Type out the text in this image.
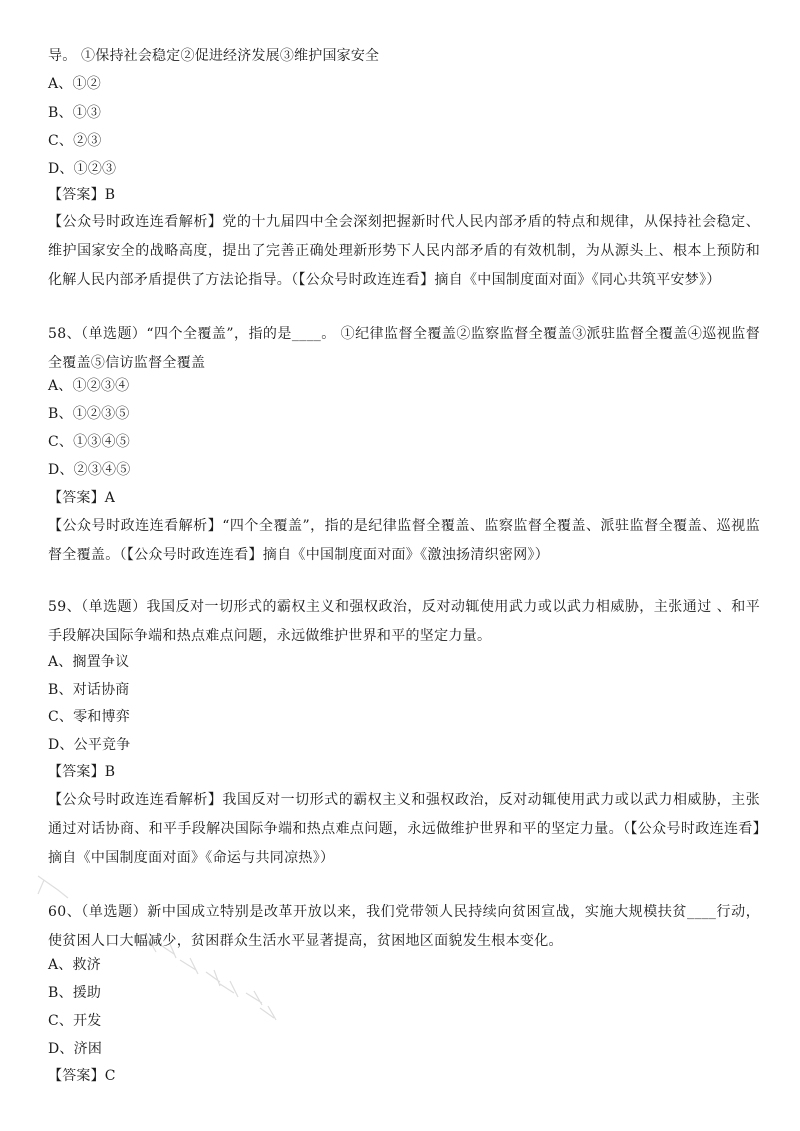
导。 ①保持社会稳定②促进经济发展③维护国家安全
A、①②
B、①③
C、②③
D、①②③
【答案】B
【公众号时政连连看解析】党的十九届四中全会深刻把握新时代人民内部矛盾的特点和规律，从保持社会稳定、维护国家安全的战略高度，提出了完善正确处理新形势下人民内部矛盾的有效机制，为从源头上、根本上预防和化解人民内部矛盾提供了方法论指导。（【公众号时政连连看】摘自《中国制度面对面》《同心共筑平安梦》）
58、（单选题）“四个全覆盖”，指的是____。 ①纪律监督全覆盖②监察监督全覆盖③派驻监督全覆盖④巡视监督全覆盖⑤信访监督全覆盖
A、①②③④
B、①②③⑤
C、①③④⑤
D、②③④⑤
【答案】A
【公众号时政连连看解析】“四个全覆盖”，指的是纪律监督全覆盖、监察监督全覆盖、派驻监督全覆盖、巡视监督全覆盖。（【公众号时政连连看】摘自《中国制度面对面》《激浊扬清织密网》）
59、（单选题）我国反对一切形式的霸权主义和强权政治，反对动辄使用武力或以武力相威胁，主张通过 、和平手段解决国际争端和热点难点问题，永远做维护世界和平的坚定力量。
A、搁置争议
B、对话协商
C、零和博弈
D、公平竞争
【答案】B
【公众号时政连连看解析】我国反对一切形式的霸权主义和强权政治，反对动辄使用武力或以武力相威胁，主张通过对话协商、和平手段解决国际争端和热点难点问题，永远做维护世界和平的坚定力量。（【公众号时政连连看】摘自《中国制度面对面》《命运与共同凉热》）
60、（单选题）新中国成立特别是改革开放以来，我们党带领人民持续向贫困宣战，实施大规模扶贫____行动，使贫困人口大幅减少，贫困群众生活水平显著提高，贫困地区面貌发生根本变化。
A、救济
B、援助
C、开发
D、济困
【答案】C
